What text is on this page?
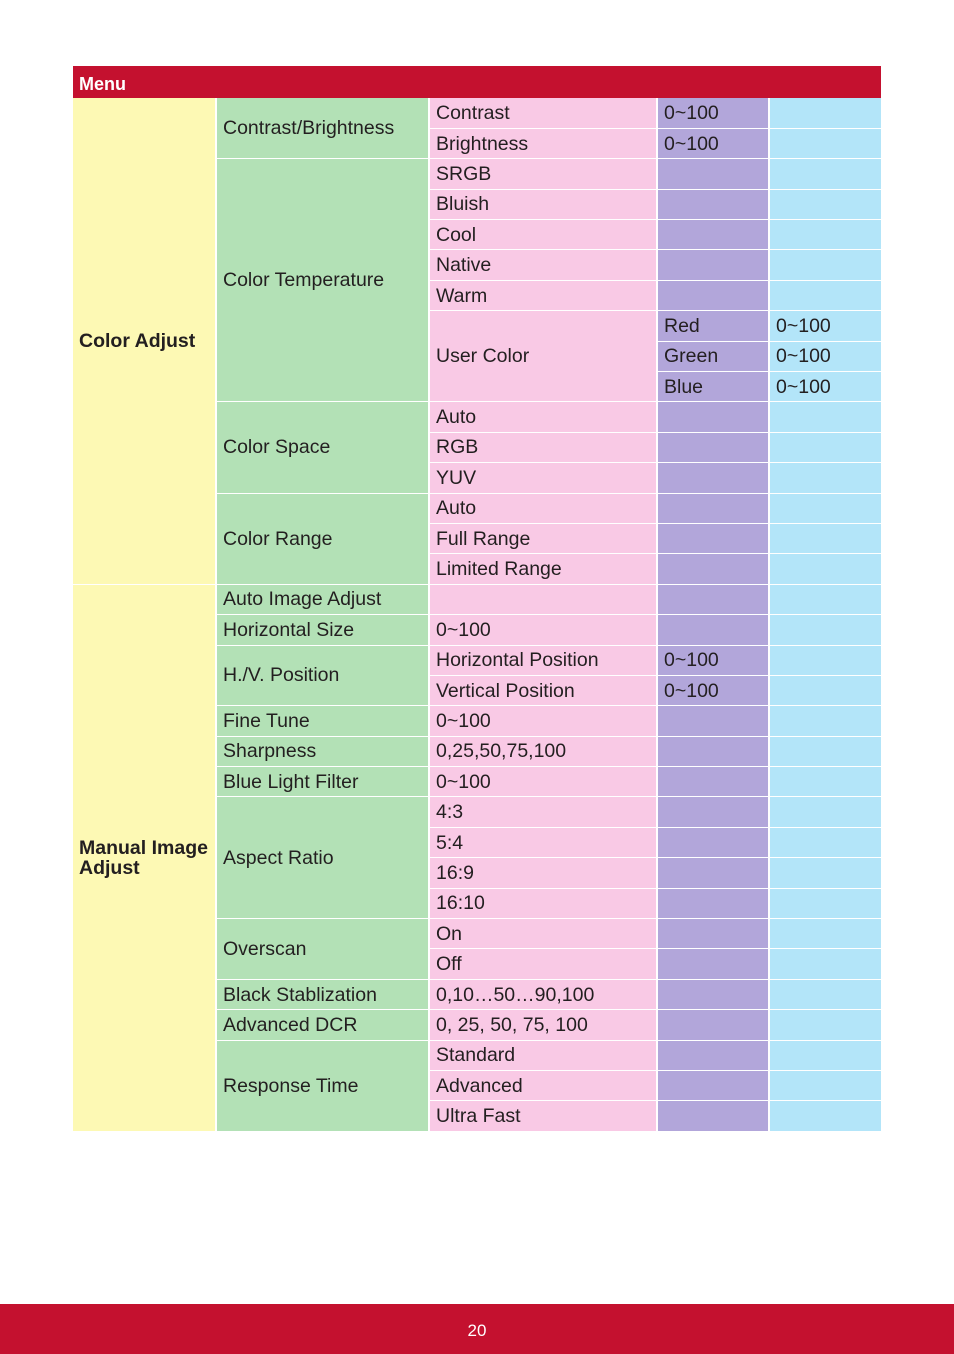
Menu				
Color Adjust	Contrast/Brightness	Contrast	0~100	
		Brightness	0~100	
	Color Temperature	SRGB		
		Bluish		
		Cool		
		Native		
		Warm		
		User Color	Red	0~100
			Green	0~100
			Blue	0~100
	Color Space	Auto		
		RGB		
		YUV		
	Color Range	Auto		
		Full Range		
		Limited Range		
Manual Image Adjust	Auto Image Adjust			
	Horizontal Size	0~100		
	H./V. Position	Horizontal Position	0~100	
		Vertical Position	0~100	
	Fine Tune	0~100		
	Sharpness	0,25,50,75,100		
	Blue Light Filter	0~100		
	Aspect Ratio	4:3		
		5:4		
		16:9		
		16:10		
	Overscan	On		
		Off		
	Black Stablization	0,10…50…90,100		
	Advanced DCR	0, 25, 50, 75, 100		
	Response Time	Standard		
		Advanced		
		Ultra Fast		
20
